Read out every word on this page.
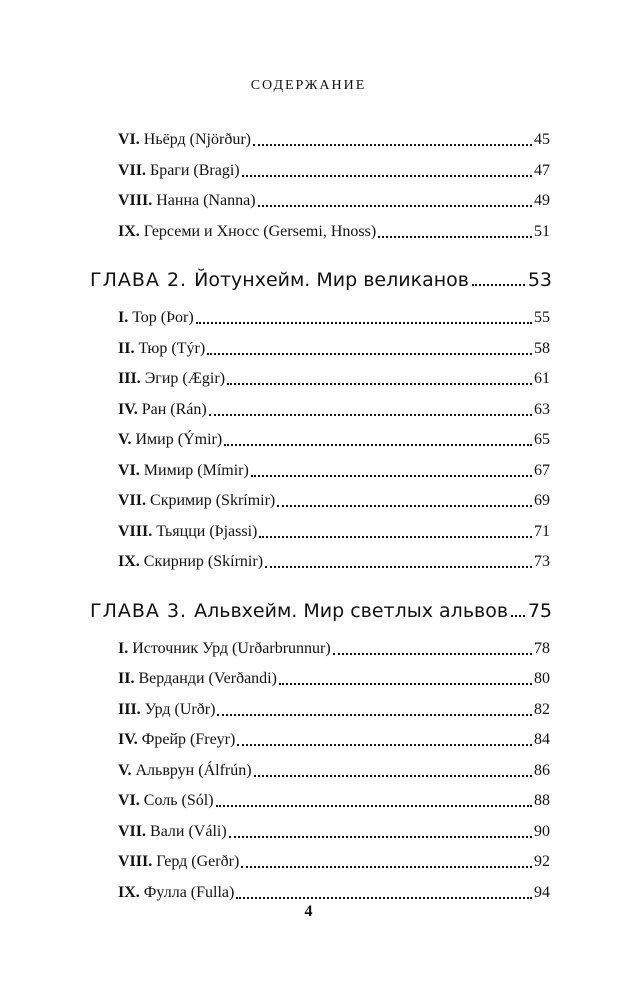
СОДЕРЖАНИЕ
VI. Ньёрд (Njörður)	45
VII. Браги (Bragi)	47
VIII. Нанна (Nanna)	49
IX. Герсеми и Хносс (Gersemi, Hnoss)	51
ГЛАВА 2. Йотунхейм. Мир великанов	53
I. Тор (Þor)	55
II. Тюр (Týr)	58
III. Эгир (Ægir)	61
IV. Ран (Rán)	63
V. Имир (Ýmir)	65
VI. Мимир (Mímir)	67
VII. Скримир (Skrímir)	69
VIII. Тьяцци (Þjassi)	71
IX. Скирнир (Skírnir)	73
ГЛАВА 3. Альвхейм. Мир светлых альвов 75
I. Источник Урд (Urðarbrunnur)	78
II. Верданди (Verðandi)	80
III. Урд (Urðr)	82
IV. Фрейр (Freyr)	84
V. Альврун (Álfrún)	86
VI. Соль (Sól)	88
VII. Вали (Váli)	90
VIII. Герд (Gerðr)	92
IX. Фулла (Fulla)	94
4
